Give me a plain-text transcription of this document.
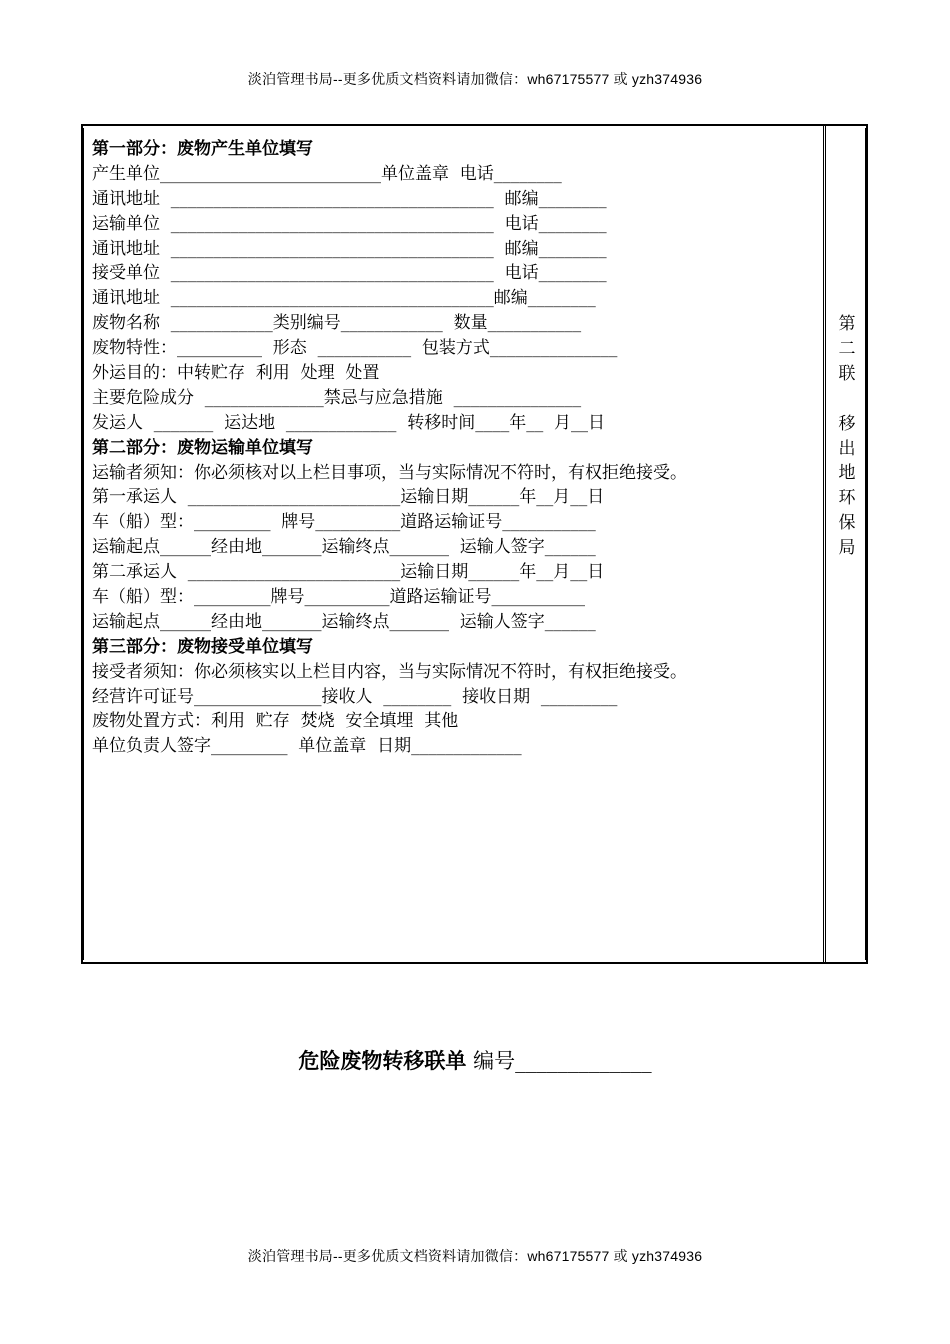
淡泊管理书局--更多优质文档资料请加微信：wh67175577 或 yzh374936
第一部分：废物产生单位填写
产生单位__________________________单位盖章  电话________
通讯地址  ______________________________________  邮编________
运输单位  ______________________________________  电话________
通讯地址  ______________________________________  邮编________
接受单位  ______________________________________  电话________
通讯地址  ______________________________________邮编________
废物名称  ____________类别编号____________  数量___________
废物特性：__________  形态  ___________  包装方式_______________
外运目的：中转贮存  利用  处理  处置
主要危险成分  ______________禁忌与应急措施  _______________
发运人  _______  运达地  _____________  转移时间____年__  月__日
第二部分：废物运输单位填写
运输者须知：你必须核对以上栏目事项，当与实际情况不符时，有权拒绝接受。
第一承运人  _________________________运输日期______年__月__日
车（船）型：_________  牌号__________道路运输证号___________
运输起点______经由地_______运输终点_______  运输人签字______
第二承运人  _________________________运输日期______年__月__日
车（船）型：_________牌号__________道路运输证号___________
运输起点______经由地_______运输终点_______  运输人签字______
第三部分：废物接受单位填写
接受者须知：你必须核实以上栏目内容，当与实际情况不符时，有权拒绝接受。
经营许可证号_______________接收人  ________  接收日期  _________
废物处置方式：利用  贮存  焚烧  安全填埋  其他
单位负责人签字_________  单位盖章  日期_____________
第
二
联
移
出
地
环
保
局
危险废物转移联单 编号_____________
淡泊管理书局--更多优质文档资料请加微信：wh67175577 或 yzh374936
